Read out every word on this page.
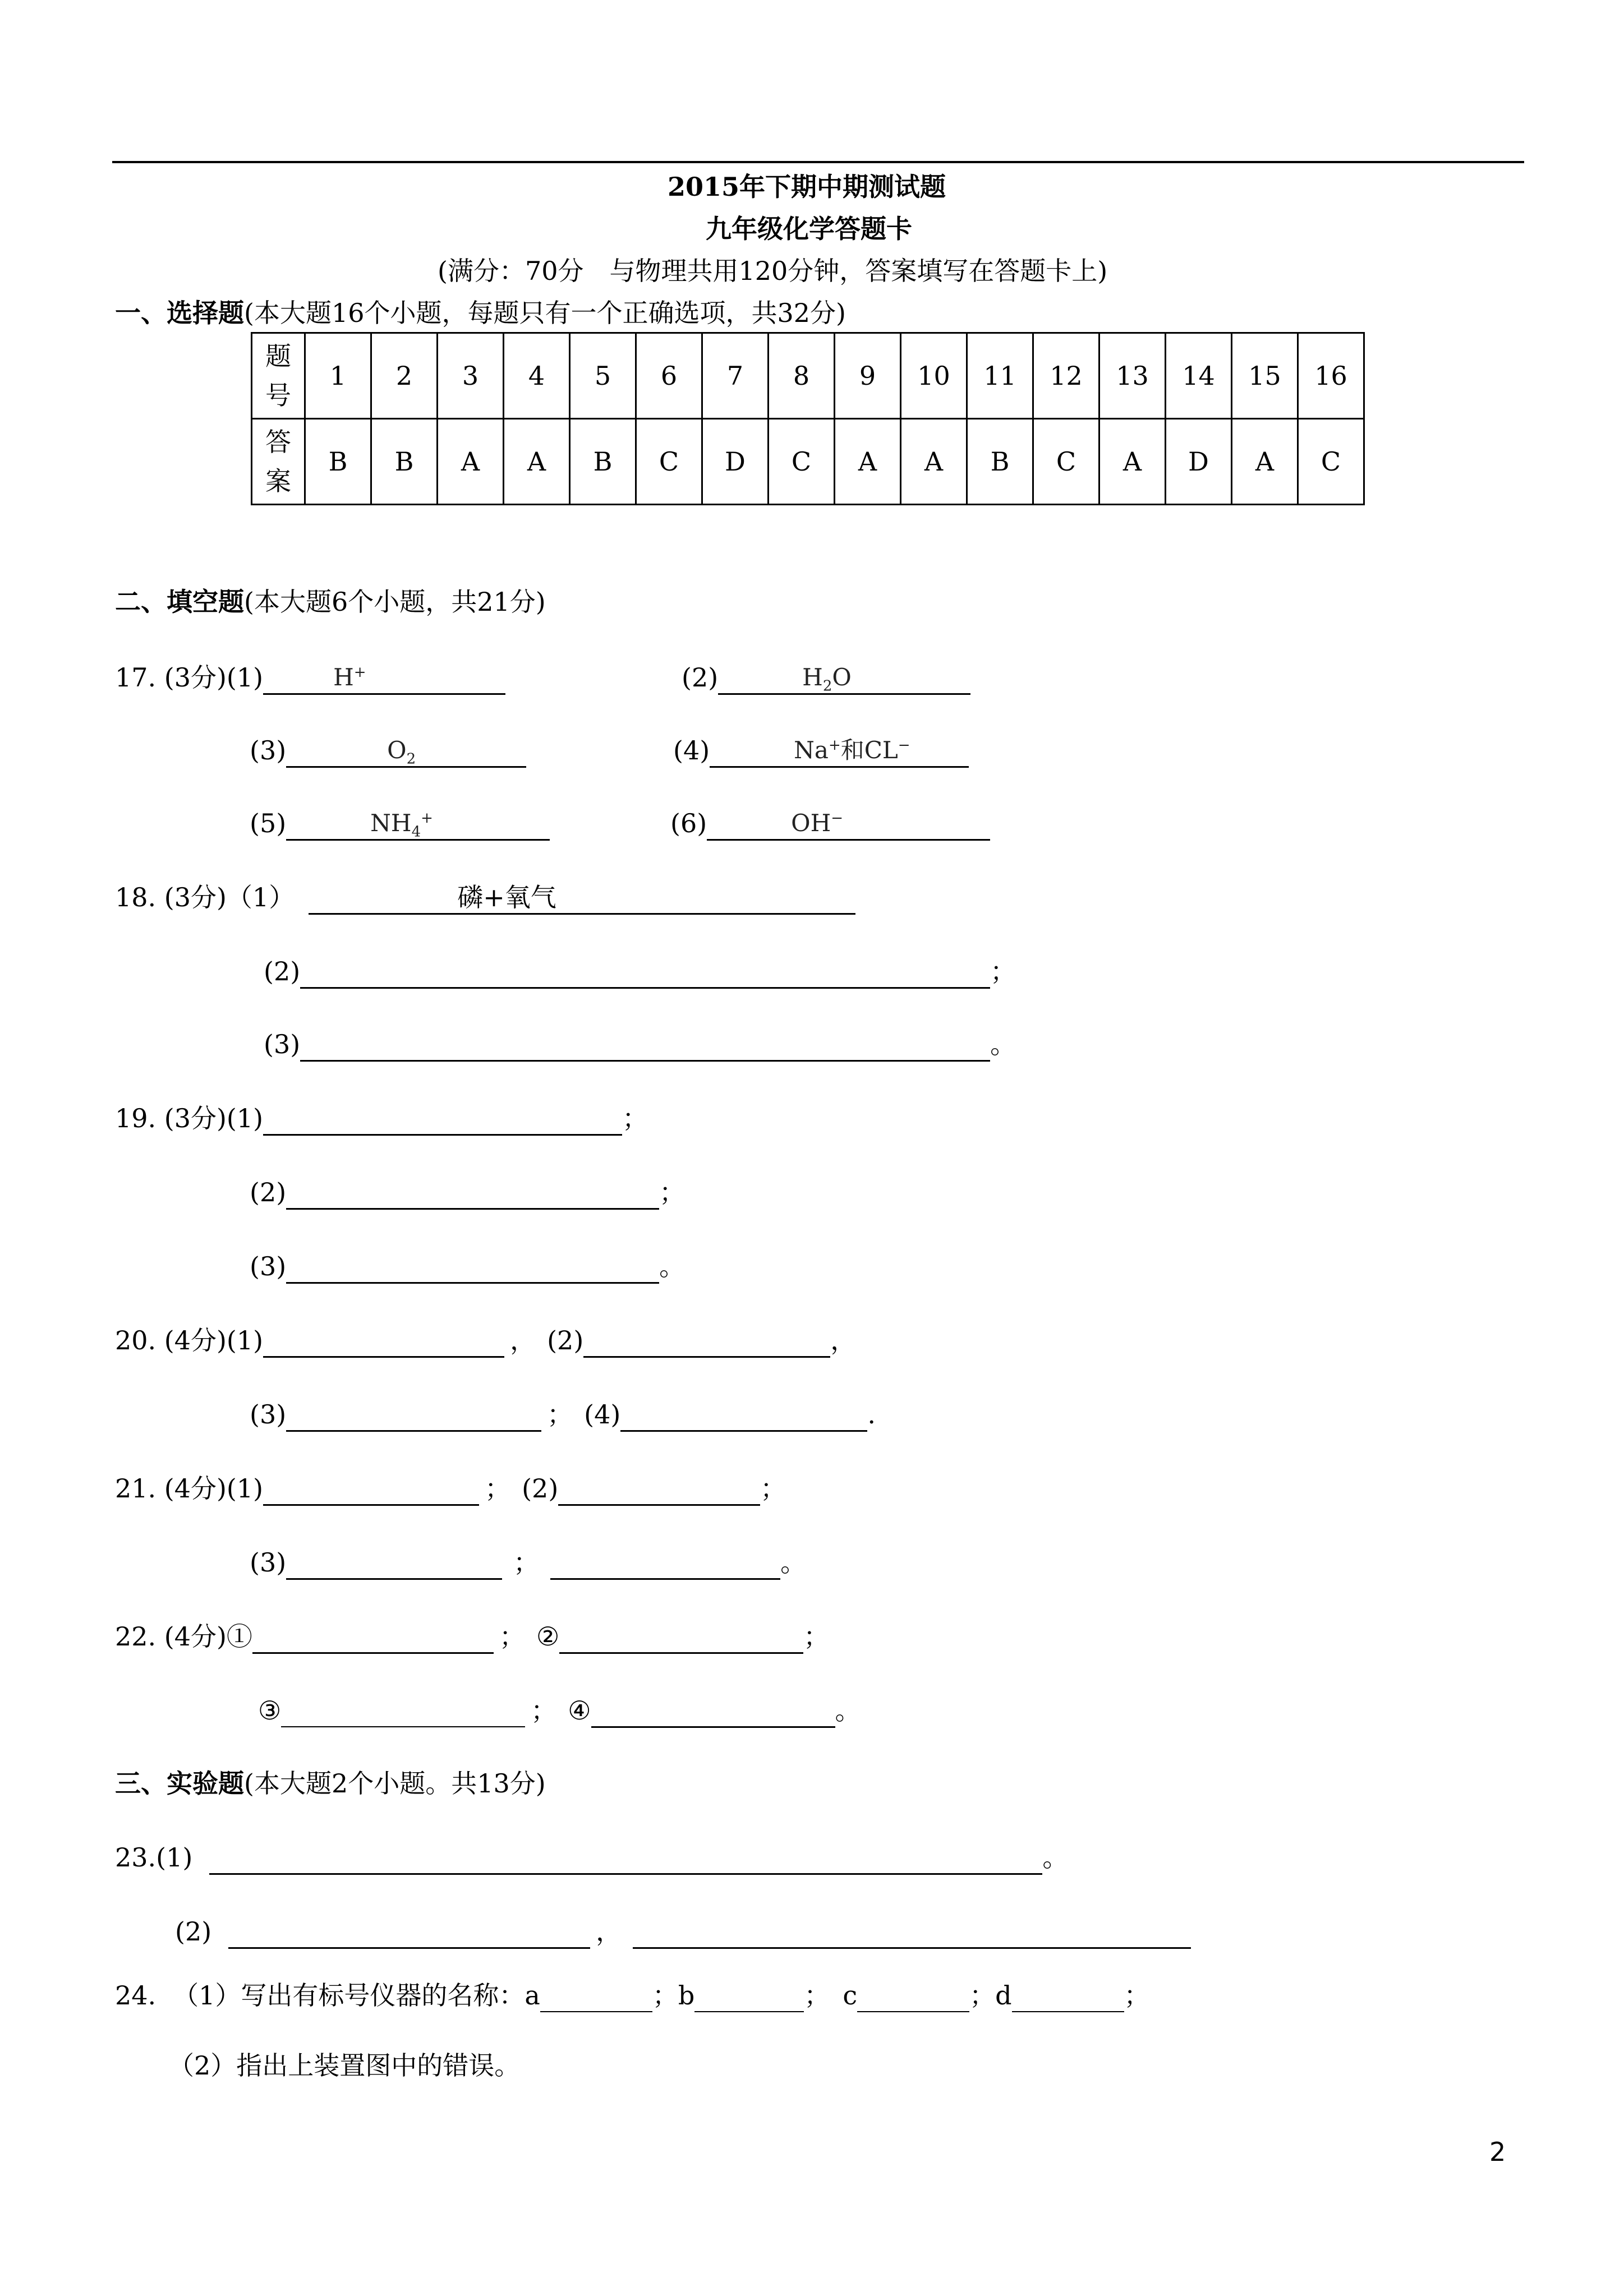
2015年下期中期测试题
九年级化学答题卡
(满分：70分　与物理共用120分钟，答案填写在答题卡上)
一、选择题(本大题16个小题，每题只有一个正确选项，共32分)
题号	1	2	3	4	5	6	7	8	9	10	11	12	13	14	15	16
答案	B	B	A	A	B	C	D	C	A	A	B	C	A	D	A	C
二、填空题(本大题6个小题，共21分)
17. (3分)(1)	H+	(2)	$H_2O$
(3)	$O_2$	(4)	Na+和CL−
(5)	$NH_4^+$	(6)	OH−
18. (3分)（1）	磷+氧气
(2)	；
(3)	。
19. (3分)(1)	；
(2)	；
(3)	。
20. (4分)(1)	， (2)	，
(3)	； (4)	.
21. (4分)(1)	； (2)	；
(3)	；	。
22. (4分)①	； ②	；
③	； ④	。
三、实验题(本大题2个小题。共13分)
23.(1)	。
(2)	，
24. （1）写出有标号仪器的名称：a	；b	；　c	；d	；
（2）指出上装置图中的错误。
2
